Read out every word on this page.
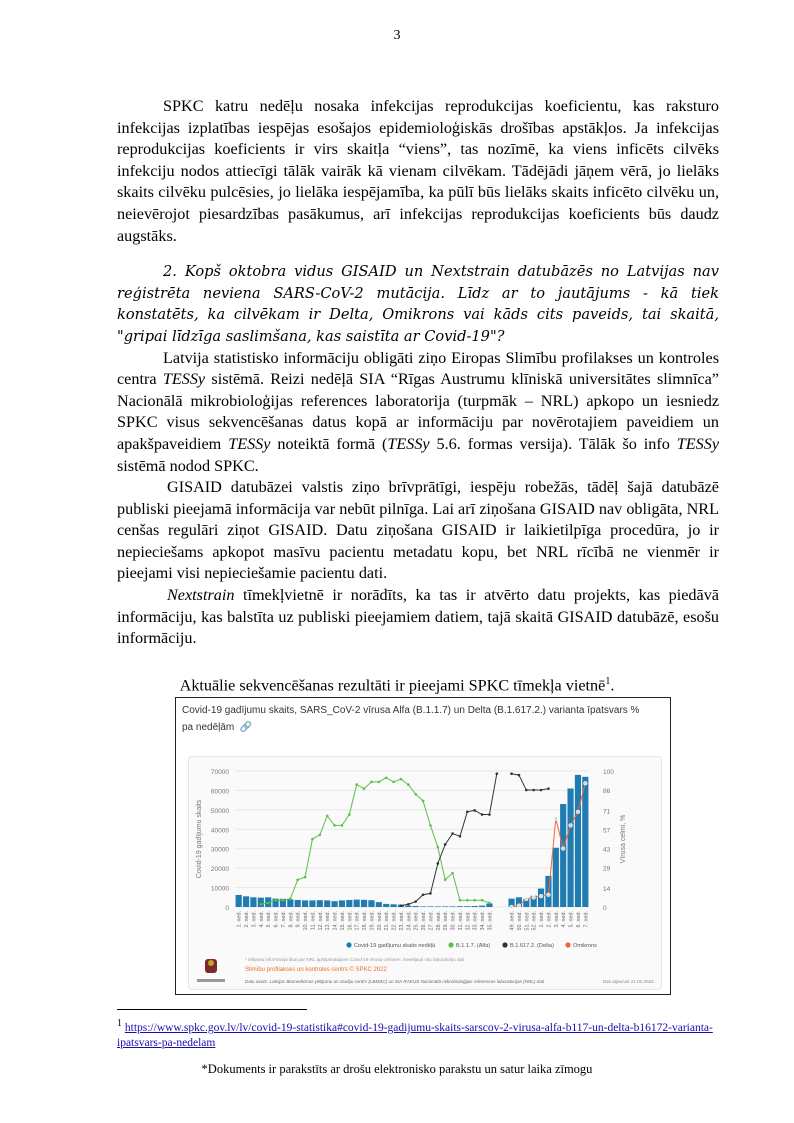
3

SPKC katru nedēļu nosaka infekcijas reprodukcijas koeficientu, kas raksturo infekcijas izplatības iespējas esošajos epidemioloģiskās drošības apstākļos. Ja infekcijas reprodukcijas koeficients ir virs skaitļa “viens”, tas nozīmē, ka viens inficēts cilvēks infekciju nodos attiecīgi tālāk vairāk kā vienam cilvēkam. Tādējādi jāņem vērā, jo lielāks skaits cilvēku pulcēsies, jo lielāka iespējamība, ka pūlī būs lielāks skaits inficēto cilvēku un, neievērojot piesardzības pasākumus, arī infekcijas reprodukcijas koeficients būs daudz augstāks.

2. Kopš oktobra vidus GISAID un Nextstrain datubāzēs no Latvijas nav reģistrēta neviena SARS-CoV-2 mutācija. Līdz ar to jautājums - kā tiek konstatēts, ka cilvēkam ir Delta, Omikrons vai kāds cits paveids, tai skaitā, "gripai līdzīga saslimšana, kas saistīta ar Covid-19"?

Latvija statistisko informāciju obligāti ziņo Eiropas Slimību profilakses un kontroles centra TESSy sistēmā. Reizi nedēļā SIA “Rīgas Austrumu klīniskā universitātes slimnīca” Nacionālā mikrobioloģijas references laboratorija (turpmāk – NRL) apkopo un iesniedz SPKC visus sekvencēšanas datus kopā ar informāciju par novērotajiem paveidiem un apakšpaveidiem TESSy noteiktā formā (TESSy 5.6. formas versija). Tālāk šo info TESSy sistēmā nodod SPKC.

GISAID datubāzei valstis ziņo brīvprātīgi, iespēju robežās, tādēļ šajā datubāzē publiski pieejamā informācija var nebūt pilnīga. Lai arī ziņošana GISAID nav obligāta, NRL cenšas regulāri ziņot GISAID. Datu ziņošana GISAID ir laikietilpīga procedūra, jo ir nepieciešams apkopot masīvu pacientu metadatu kopu, bet NRL rīcībā ne vienmēr ir pieejami visi nepieciešamie pacientu dati.

Nextstrain tīmekļvietnē ir norādīts, ka tas ir atvērto datu projekts, kas piedāvā informāciju, kas balstīta uz publiski pieejamiem datiem, tajā skaitā GISAID datubāzē, esošu informāciju.

Aktuālie sekvencēšanas rezultāti ir pieejami SPKC tīmekļa vietnē$^1$.
Covid-19 gadījumu skaits, SARS_CoV-2 vīrusa Alfa (B.1.1.7) un Delta (B.1.617.2.) varianta īpatsvars % pa nedēļām 🔗
0
10000
20000
30000
40000
50000
60000
70000
0
14
29
43
57
71
86
100
Covid-19 gadījumu skaits	Vīrusa celmi, %
1. ned. 2. ned. 3. ned. 4. ned. 5. ned. 6. ned. 7. ned. 8. ned. 9. ned. 10. ned. 11. ned. 12. ned. 13. ned. 14. ned. 15. ned. 16. ned. 17. ned. 18. ned. 19. ned. 20. ned. 21. ned. 22. ned. 23. ned. 24. ned. 25. ned. 26. ned. 27. ned. 28. ned. 29. ned. 30. ned. 31. ned. 32. ned. 33. ned. 34. ned. 35. ned.	49. ned. 50. ned. 51. ned. 52. ned. 1. ned. 2. ned. 3. ned. 4. ned. 5. ned. 6. ned. 7. ned.
Covid-19 gadījumu skaits nedēļā	B.1.1.7. (Alfa)	B.1.617.2. (Delta)	Omikrons
* Iekļauta informācija tikai par NRL apstiprinātajiem Covid-19 vīrusa celmiem. Neiekļauti citu laboratoriju dati
Slimību profilakses un kontroles centrs © SPKC 2022
Datu avots: Latvijas Biomedicīnas pētījumu un studiju centrs (LBMSC) un SIA RAKUS Nacionālā mikrobioloģijas references laboratorijas (NRL) dati	Dati atjaunoti 21.02.2022.
$^1$ https://www.spkc.gov.lv/lv/covid-19-statistika#covid-19-gadijumu-skaits-sarscov-2-virusa-alfa-b117-un-delta-b16172-varianta-ipatsvars-pa-nedelam
*Dokuments ir parakstīts ar drošu elektronisko parakstu un satur laika zīmogu
